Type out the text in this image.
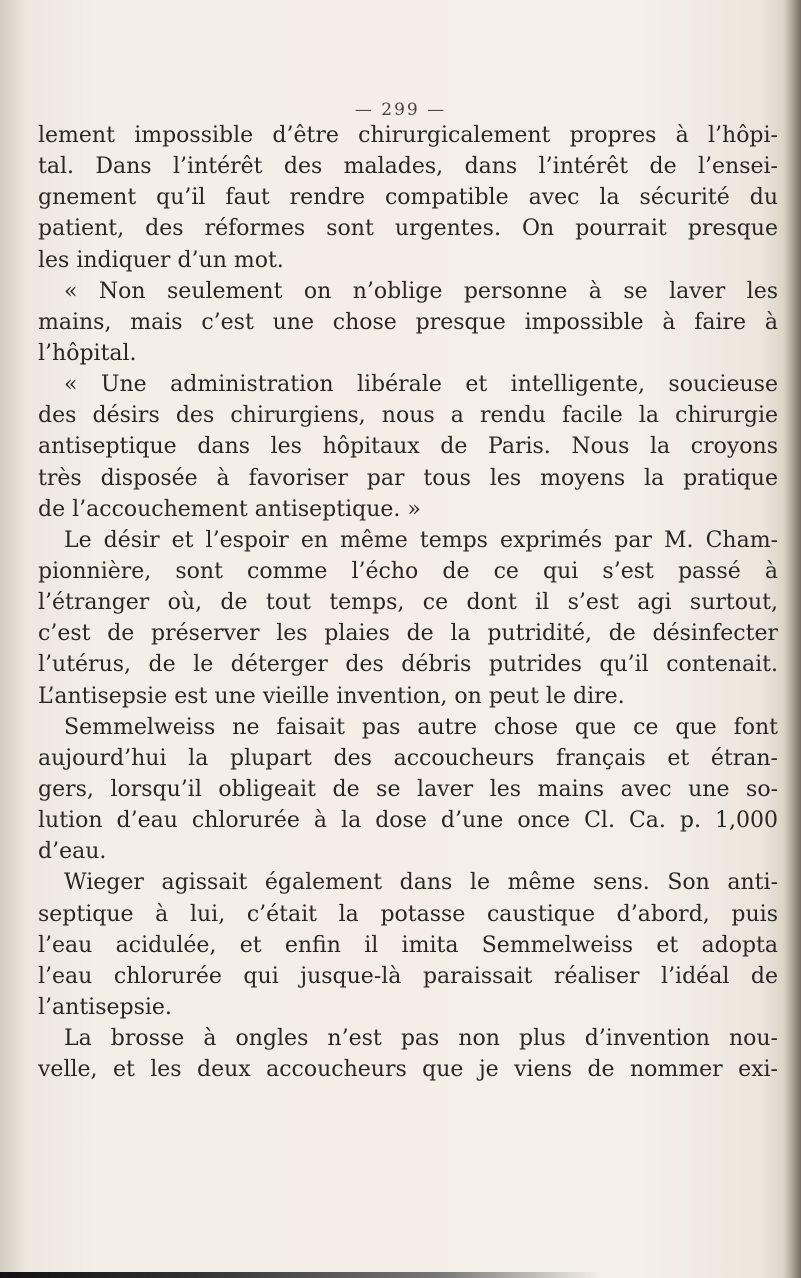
— 299 —
lement impossible d’être chirurgicalement propres à l’hôpi-
tal. Dans l’intérêt des malades, dans l’intérêt de l’ensei-
gnement qu’il faut rendre compatible avec la sécurité du
patient, des réformes sont urgentes. On pourrait presque
les indiquer d’un mot.
« Non seulement on n’oblige personne à se laver les
mains, mais c’est une chose presque impossible à faire à
l’hôpital.
« Une administration libérale et intelligente, soucieuse
des désirs des chirurgiens, nous a rendu facile la chirurgie
antiseptique dans les hôpitaux de Paris. Nous la croyons
très disposée à favoriser par tous les moyens la pratique
de l’accouchement antiseptique. »
Le désir et l’espoir en même temps exprimés par M. Cham-
pionnière, sont comme l’écho de ce qui s’est passé à
l’étranger où, de tout temps, ce dont il s’est agi surtout,
c’est de préserver les plaies de la putridité, de désinfecter
l’utérus, de le déterger des débris putrides qu’il contenait.
L’antisepsie est une vieille invention, on peut le dire.
Semmelweiss ne faisait pas autre chose que ce que font
aujourd’hui la plupart des accoucheurs français et étran-
gers, lorsqu’il obligeait de se laver les mains avec une so-
lution d’eau chlorurée à la dose d’une once Cl. Ca. p. 1,000
d’eau.
Wieger agissait également dans le même sens. Son anti-
septique à lui, c’était la potasse caustique d’abord, puis
l’eau acidulée, et enfin il imita Semmelweiss et adopta
l’eau chlorurée qui jusque-là paraissait réaliser l’idéal de
l’antisepsie.
La brosse à ongles n’est pas non plus d’invention nou-
velle, et les deux accoucheurs que je viens de nommer exi-
